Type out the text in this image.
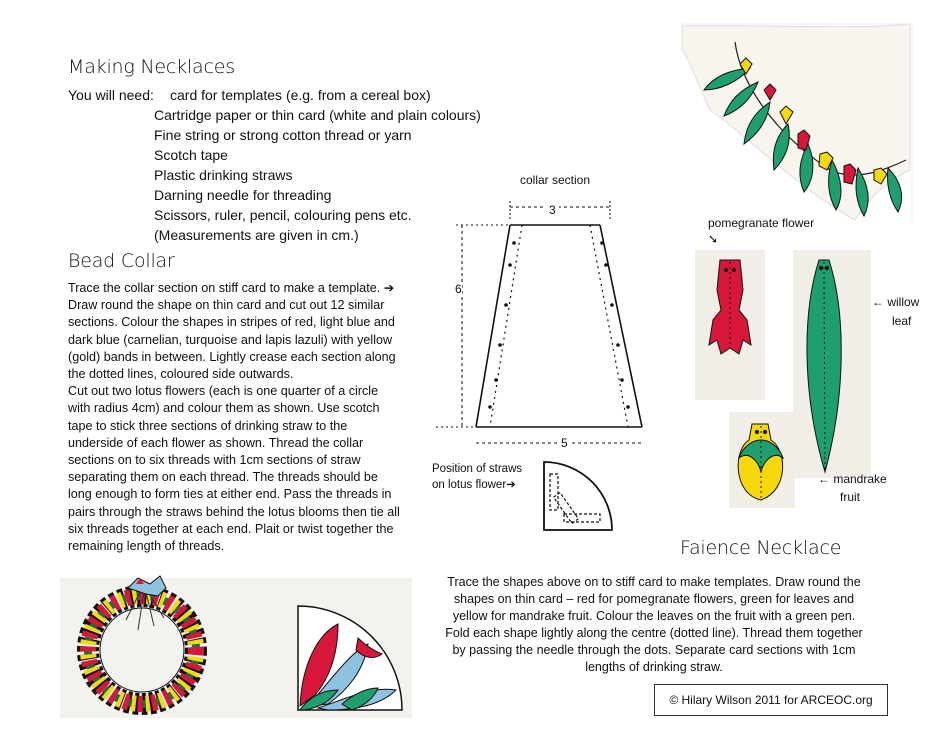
Making Necklaces
You will need: card for templates (e.g. from a cereal box)
Cartridge paper or thin card (white and plain colours)
Fine string or strong cotton thread or yarn
Scotch tape
Plastic drinking straws
Darning needle for threading
Scissors, ruler, pencil, colouring pens etc.
(Measurements are given in cm.)
Bead Collar
Trace the collar section on stiff card to make a template. ➔
Draw round the shape on thin card and cut out 12 similar
sections. Colour the shapes in stripes of red, light blue and
dark blue (carnelian, turquoise and lapis lazuli) with yellow
(gold) bands in between. Lightly crease each section along
the dotted lines, coloured side outwards.
Cut out two lotus flowers (each is one quarter of a circle
with radius 4cm) and colour them as shown. Use scotch
tape to stick three sections of drinking straw to the
underside of each flower as shown. Thread the collar
sections on to six threads with 1cm sections of straw
separating them on each thread. The threads should be
long enough to form ties at either end. Pass the threads in
pairs through the straws behind the lotus blooms then tie all
six threads together at each end. Plait or twist together the
remaining length of threads.
collar section
3
6
5
Position of straws
on lotus flower➔
pomegranate flower
➘
← willow
leaf
← mandrake
fruit
Faience Necklace
Trace the shapes above on to stiff card to make templates. Draw round the
shapes on thin card – red for pomegranate flowers, green for leaves and
yellow for mandrake fruit. Colour the leaves on the fruit with a green pen.
Fold each shape lightly along the centre (dotted line). Thread them together
by passing the needle through the dots. Separate card sections with 1cm
lengths of drinking straw.
© Hilary Wilson 2011 for ARCEOC.org
